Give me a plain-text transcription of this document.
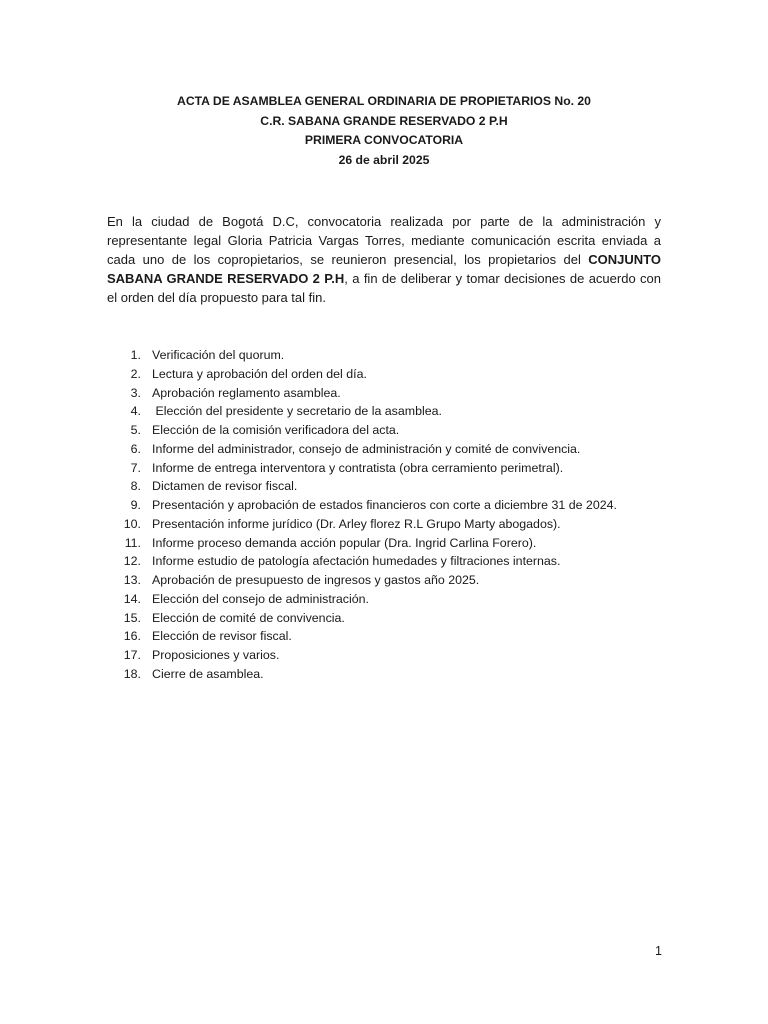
ACTA DE ASAMBLEA GENERAL ORDINARIA DE PROPIETARIOS No. 20
C.R. SABANA GRANDE RESERVADO 2 P.H
PRIMERA CONVOCATORIA
26 de abril 2025

En la ciudad de Bogotá D.C, convocatoria realizada por parte de la administración y representante legal Gloria Patricia Vargas Torres, mediante comunicación escrita enviada a cada uno de los copropietarios, se reunieron presencial, los propietarios del CONJUNTO SABANA GRANDE RESERVADO 2 P.H, a fin de deliberar y tomar decisiones de acuerdo con el orden del día propuesto para tal fin.

1. Verificación del quorum.
2. Lectura y aprobación del orden del día.
3. Aprobación reglamento asamblea.
4. Elección del presidente y secretario de la asamblea.
5. Elección de la comisión verificadora del acta.
6. Informe del administrador, consejo de administración y comité de convivencia.
7. Informe de entrega interventora y contratista (obra cerramiento perimetral).
8. Dictamen de revisor fiscal.
9. Presentación y aprobación de estados financieros con corte a diciembre 31 de 2024.
10. Presentación informe jurídico (Dr. Arley florez R.L Grupo Marty abogados).
11. Informe proceso demanda acción popular (Dra. Ingrid Carlina Forero).
12. Informe estudio de patología afectación humedades y filtraciones internas.
13. Aprobación de presupuesto de ingresos y gastos año 2025.
14. Elección del consejo de administración.
15. Elección de comité de convivencia.
16. Elección de revisor fiscal.
17. Proposiciones y varios.
18. Cierre de asamblea.
1
